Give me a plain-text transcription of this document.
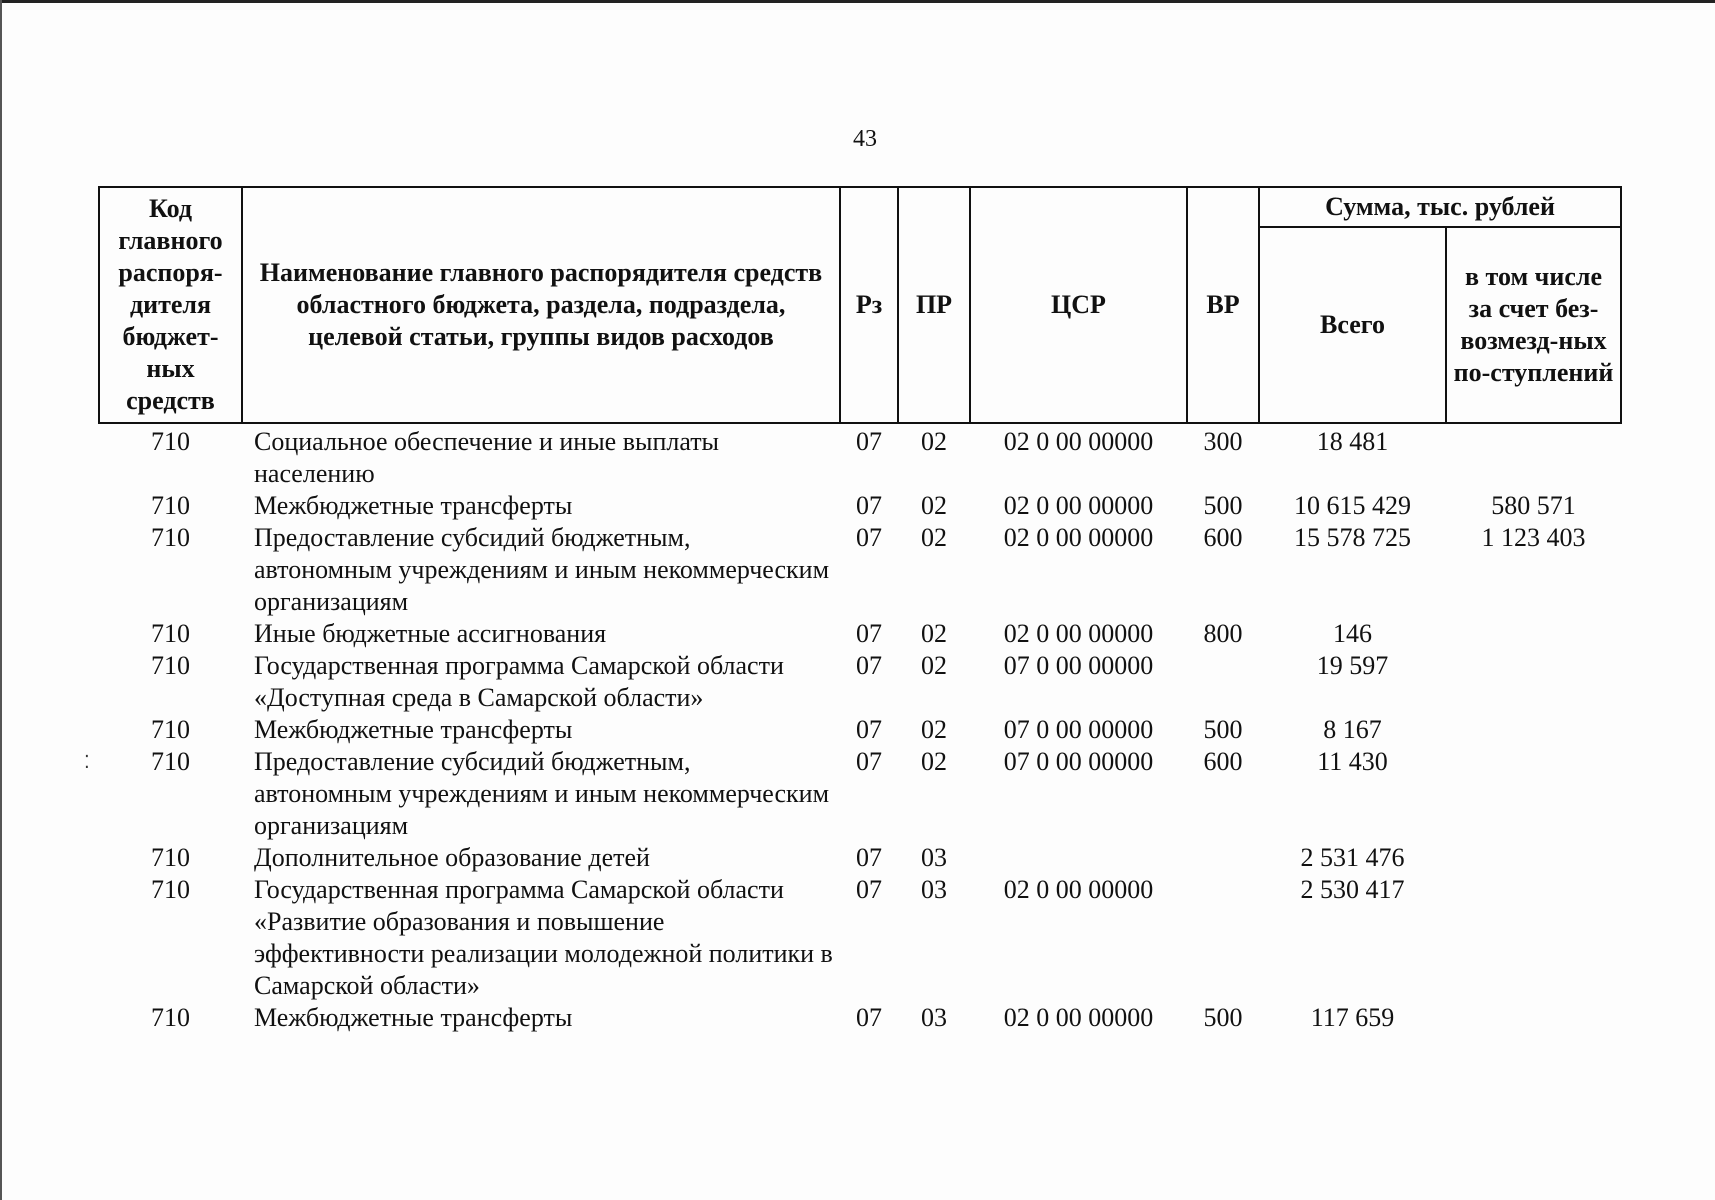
43
⁚
Код главного распоря-дителя бюджет-ных средств	Наименование главного распорядителя средств областного бюджета, раздела, подраздела, целевой статьи, группы видов расходов	Рз	ПР	ЦСР	ВР	Сумма, тыс. рублей	
						Всего	в том числе за счет без-возмезд-ных по-ступлений
710	Социальное обеспечение и иные выплаты населению	07	02	02 0 00 00000	300	18 481	
710	Межбюджетные трансферты	07	02	02 0 00 00000	500	10 615 429	580 571
710	Предоставление субсидий бюджетным, автономным учреждениям и иным некоммерческим организациям	07	02	02 0 00 00000	600	15 578 725	1 123 403
710	Иные бюджетные ассигнования	07	02	02 0 00 00000	800	146	
710	Государственная программа Самарской области «Доступная среда в Самарской области»	07	02	07 0 00 00000		19 597	
710	Межбюджетные трансферты	07	02	07 0 00 00000	500	8 167	
710	Предоставление субсидий бюджетным, автономным учреждениям и иным некоммерческим организациям	07	02	07 0 00 00000	600	11 430	
710	Дополнительное образование детей	07	03			2 531 476	
710	Государственная программа Самарской области «Развитие образования и повышение эффективности реализации молодежной политики в Самарской области»	07	03	02 0 00 00000		2 530 417	
710	Межбюджетные трансферты	07	03	02 0 00 00000	500	117 659	
